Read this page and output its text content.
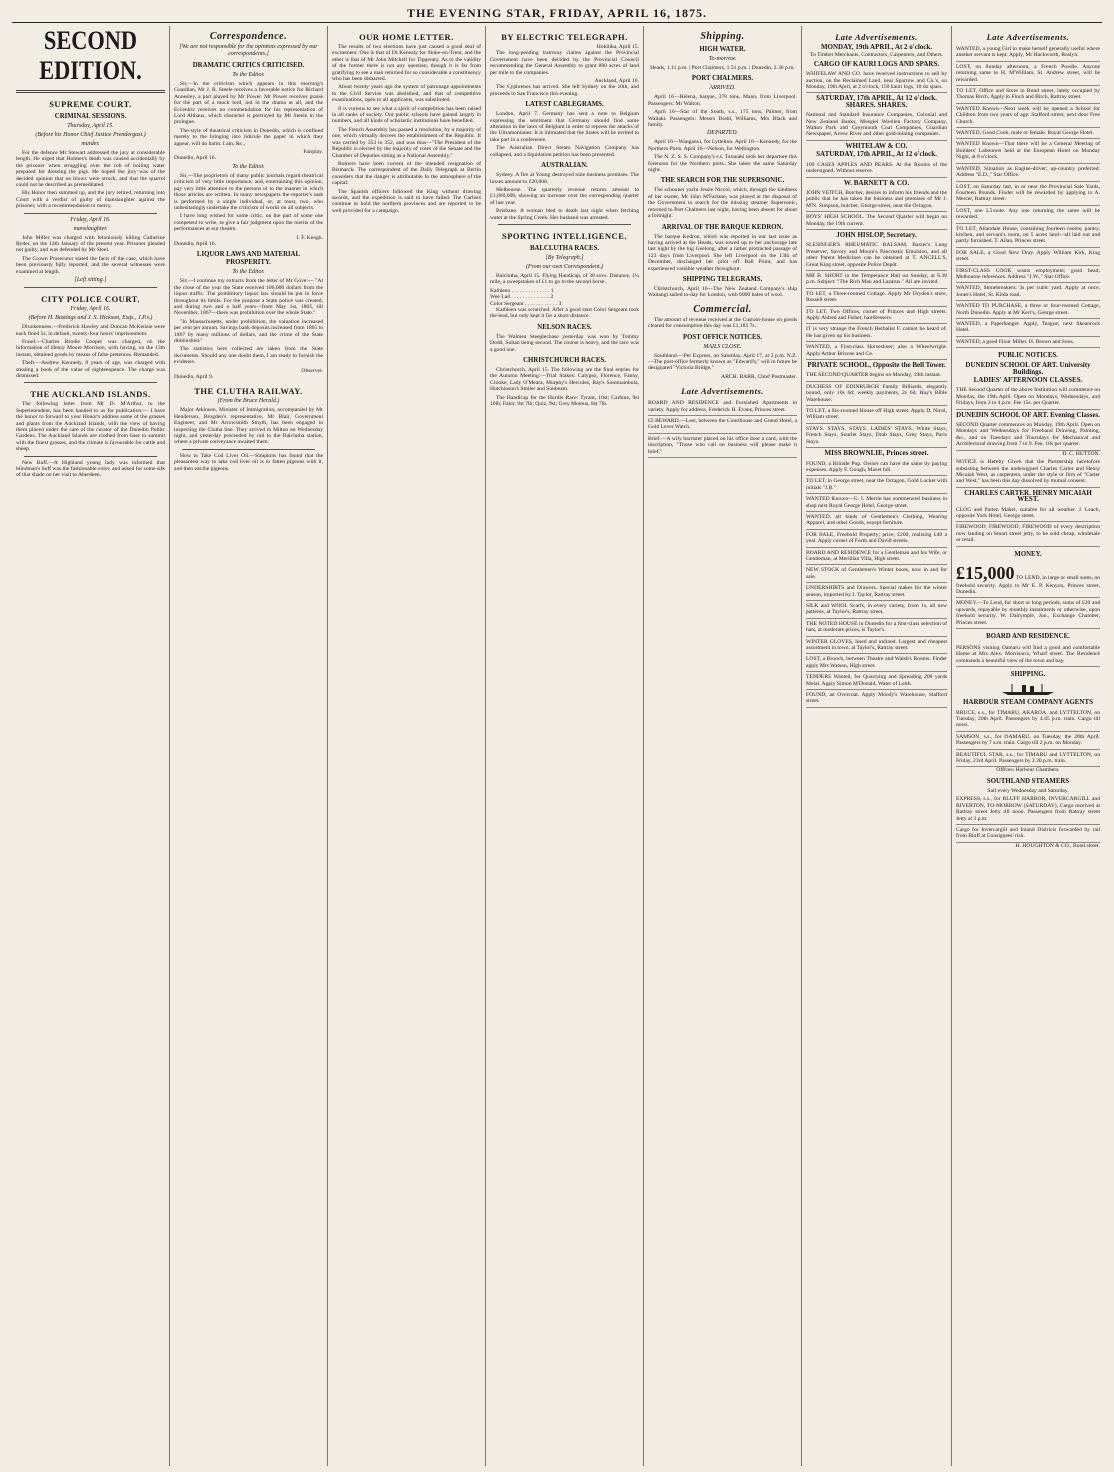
THE EVENING STAR, FRIDAY, APRIL 16, 1875.
SECOND EDITION.
SUPREME COURT.
CRIMINAL SESSIONS.
Thursday, April 15.
(Before his Honor Chief Justice Prendergast.)
murder.

For the defence Mr Stewart addressed the jury at considerable length. He urged that Holmes's death was caused accidentally by the prisoner when struggling over the rob of boiling water prepared for dressing the pigs. He hoped the jury was of the decided opinion that no blows were struck, and that the quarrel could not be described as premeditated.

His Honor then summed up, and the jury retired, returning into Court with a verdict of guilty of manslaughter against the prisoner, with a recommendation to mercy.

Friday, April 16.
manslaughter.

John Miller was charged with feloniously killing Catherine Ryder, on the 14th January of the present year. Prisoner pleaded not guilty, and was defended by Mr Steel.

The Crown Prosecutor stated the facts of the case, which have been previously fully reported, and the several witnesses were examined at length.

[Left sitting.]
CITY POLICE COURT.
Friday, April 16.
(Before H. Bastings and J. S. Hickson, Esqs., J.P.s.)

Drunkenness.—Frederick Hawley and Duncan McKenzie were each fined 5s, in default, twenty-four hours' imprisonment.

Fraud.—Charles Brodie Cooper was charged, on the information of Henry Moore Morrison, with having, on the 13th instant, obtained goods by means of false pretences. Remanded.

Theft.—Andrew Kennedy, 8 years of age, was charged with stealing a book of the value of eighteenpence. The charge was dismissed.

THE AUCKLAND ISLANDS.

The following letter from Mr D. M'Arthur, to the Superintendent, has been handed to us for publication:— I have the honor to forward to your Honor's address some of the grasses and plants from the Auckland Islands, with the view of having them placed under the care of the curator of the Dunedin Public Gardens. The Auckland Islands are clothed from base to summit with the finest grasses, and the climate is favourable for cattle and sheep.

New Buff.—A Highland young lady was informed that blindman's buff was the fashionable color, and asked for some silk of that shade on her visit to Aberdeen.

Correspondence.
[We are not responsible for the opinions expressed by our correspondents.]
DRAMATIC CRITICS CRITICISED.
To the Editor.

Sir,—In the criticism which appears in this morning's Guardian, Mr J. R. Steele receives a favorable notice for Richard Annesley, a part played by Mr Power. Mr Power receives praise for the part of a mock lord, not in the drama at all, and the Eccentric receives no commendation for his representation of Lord Althaus, which character is portrayed by Mr Steele in the prologue.

The style of theatrical criticism in Dunedin, which is confined merely to the bringing into ridicule the paper in which they appear, will do harm. I am, &c.,

Fairplay.
Dunedin, April 16.
To the Editor.

Sir,—The proprietors of many public journals regard theatrical criticism of very little importance; and, entertaining this opinion, pay very little attention to the persons or to the manner in which those articles are written. In many newspapers the reporter's task is performed by a single individual, or, at most, two, who unhesitatingly undertake the criticism of works on all subjects.

I have long wished for some critic, on the part of some one competent to write, to give a fair judgment upon the merits of the performances at our theatre.

I. F. Keogh.
Dunedin, April 16.
LIQUOR LAWS AND MATERIAL PROSPERITY.
To the Editor.

Sir,—I continue my extracts from the letter of Mr Gove:— "At the close of the year the State received 106,000 dollars from the liquor traffic. The prohibitory liquor law should be put in force throughout its limits. For the purpose a State police was created, and during two and a half years—from May 1st, 1865, till November, 1867—there was prohibition over the whole State."

"In Massachusetts, under prohibition, the valuation increased per cent per annum. Savings bank deposits increased from 1865 to 1867 by many millions of dollars, and the crime of the State diminished."

The statistics here collected are taken from the State documents. Should any one doubt them, I am ready to furnish the evidence.

Observer.
Dunedin, April 9.
THE CLUTHA RAILWAY.
(From the Bruce Herald.)

Major Atkinson, Minister of Immigration, accompanied by Mr Henderson, Brogden's representative, Mr Blair, Government Engineer, and Mr Arrowsmith Smyth, has been engaged in inspecting the Clutha line. They arrived in Milton on Wednesday night, and yesterday proceeded by rail to the Balclutha station, where a private conveyance awaited them.

How to Take Cod Liver Oil.—Simpkins has found that the pleasantest way to take cod liver oil is to fatten pigeons with it, and then eat the pigeons.

OUR HOME LETTER.

The results of two elections have just caused a good deal of excitement. One is that of Dr Kenealy for Stoke-on-Trent, and the other is that of Mr John Mitchell for Tipperary. As to the validity of the former there is not any question, though it is far from gratifying to see a man returned for so considerable a constituency who has been disbarred.

About twenty years ago the system of patronage appointments to the Civil Service was abolished, and that of competitive examinations, open to all applicants, was substituted.

It is curious to see what a spirit of competition has been raised in all ranks of society. Our public schools have gained largely in numbers, and all kinds of scholastic institutions have benefited.

The French Assembly has passed a resolution, by a majority of one, which virtually decrees the establishment of the Republic. It was carried by 353 to 352, and was thus—"The President of the Republic is elected by the majority of votes of the Senate and the Chamber of Deputies sitting as a National Assembly."

Rumors have been current of the intended resignation of Bismarck. The correspondent of the Daily Telegraph at Berlin considers that the danger is attributable to the atmosphere of the capital.

The Spanish officers followed the King without drawing swords, and the expedition is said to have failed. The Carlists continue to hold the northern provinces and are reported to be well provided for a campaign.

BY ELECTRIC TELEGRAPH.
Hokitika, April 15.

The long-pending tramway claims against the Provincial Government have been decided by the Provincial Council recommending the General Assembly to grant 800 acres of land per mile to the companies.

Auckland, April 16.

The Cyphrenes has arrived. She left Sydney on the 10th, and proceeds to San Francisco this evening.

LATEST CABLEGRAMS.

London, April 7. Germany has sent a note to Belgium expressing the sentiment that Germany should find some alteration in the laws of Belgium in order to repress the attacks of the Ultramontanes. It is intimated that the States will be invited to take part in a conference.

The Australian Direct Steam Navigation Company has collapsed, and a liquidation petition has been presented.

AUSTRALIAN.

Sydney. A fire at Young destroyed nine business premises. The losses amount to £20,000.

Melbourne. The quarterly revenue returns amount to £1,060,000, showing an increase over the corresponding quarter of last year.

Brisbane. A woman bled to death last night when fetching water at the Spring Creek. Her husband was arrested.

SPORTING INTELLIGENCE.
BALCLUTHA RACES.
[By Telegraph.]
(From our own Correspondent.)

Balclutha, April 15. Flying Handicap, of 30 sovs. Distance, 1¼ mile, a sweepstakes of £1 to go to the second horse.

Kathleen . . . . . . . . . . . . . . 1
Wee Lad . . . . . . . . . . . . . . 2
Color Sergeant . . . . . . . . . . . . 3

Kathleen was scratched. After a good start Color Sergeant took the lead, but only kept it for a short distance.

NELSON RACES.

The Waimea Steeplechase yesterday was won by Tommy Dodd, Sultan being second. The course is heavy, and the race was a good one.

CHRISTCHURCH RACES.

Christchurch, April 15. The following are the final entries for the Autumn Meeting:—Trial Stakes: Calypso, Florence, Fanny, Cronke, Lady O'Meara, Murphy's Hercules, Ray's Sommambula, Hutchinson's Smiler and Sunbeam.

The Handicap for the Hurdle Race: Tyrant, 10st; Carbine, 9st 10lb; Fakir, 9st 7lb; Quiz, 9st; Grey Momus, 8st 7lb.

Shipping.
HIGH WATER.
To-morrow.
Heads, 1.11 p.m. | Port Chalmers, 1.51 p.m. | Dunedin, 2.36 p.m.
PORT CHALMERS.
ARRIVED.

April 16—Helena, barque, 370 tons, Mann, from Liverpool. Passengers: Mr Walton.

April 16—Star of the South, s.s., 175 tons, Palmer, from Waitaki. Passengers: Messrs Dodd, Williams, Mrs Black and family.

DEPARTED.

April 16—Wanganui, for Lyttelton. April 16—Kennedy, for the Northern Ports. April 16—Nelson, for Wellington.

The N. Z. S. S. Company's s.s. Taranaki took her departure this forenoon for the Northern ports. She takes the same Saturday night.

THE SEARCH FOR THE SUPERSONIC.

The schooner yacht Jessie Niccol, which, through the kindness of her owner, Mr John M'Farlane, was placed at the disposal of the Government to search for the missing steamer Supersonic, returned to Port Chalmers last night, having been absent for about a fortnight.

ARRIVAL OF THE BARQUE KEDRON.

The barque Kedron, which was reported in our last issue as having arrived at the Heads, was towed up to her anchorage late last night by the tug Geelong, after a rather protracted passage of 123 days from Liverpool. She left Liverpool on the 13th of December, discharged her pilot off Ball Point, and has experienced variable weather throughout.

SHIPPING TELEGRAMS.

Christchurch, April 16—The New Zealand Company's ship Waitangi sailed to-day for London, with 6000 bales of wool.

Commercial.

The amount of revenue received at the Custom-house on goods cleared for consumption this day was £1,183 7s.

POST OFFICE NOTICES.
MAILS CLOSE.

Southland.—Per Express, on Saturday, April 17, at 2 p.m. N.Z.—The post-office formerly known as "Edward's," will in future be designated "Victoria Bridge."

ARCH. BARR, Chief Postmaster.
Late Advertisements.
BOARD AND RESIDENCE and Furnished Apartments in variety. Apply for address, Frederick H. Evans, Princes street.
£5 REWARD.—Lost, between the Courthouse and Grand Hotel, a Gold Lever Watch.
Brief.—A wily barrister placed on his office door a card, with the inscription, "Those who call on business will please make it brief."
Late Advertisements.
MONDAY, 19th APRIL, At 2 o'clock.
To Timber Merchants, Contractors, Carpenters, and Others.
CARGO OF KAURI LOGS AND SPARS.
WHITELAW AND CO. have received instructions to sell by auction, on the Reclaimed Land, near Sparrow and Co.'s, on Monday, 19th April, at 2 o'clock, 150 kauri logs, 10 do spars.
SATURDAY, 17th APRIL, At 12 o'clock. SHARES. SHARES.
National and Standard Insurance Companies, Colonial and New Zealand Banks, Mosgiel Woollen Factory Company, Walton Park and Greymouth Coal Companies, Guardian Newspaper, Arrow River and other gold-mining companies.
WHITELAW & CO.
SATURDAY, 17th APRIL, At 12 o'clock.
100 CASES APPLES AND PEARS. At the Rooms of the undersigned. Without reserve.
W. BARNETT & CO.
JOHN VEITCH, Butcher, desires to inform his friends and the public that he has taken the business and premises of Mr J. M'N. Simpson, butcher, George street, near the Octagon.
BOYS' HIGH SCHOOL. The Second Quarter will begin on Monday, the 19th current.
JOHN HISLOP, Secretary.
SLESINGER'S RHEUMATIC BALSAM, Baxter's Lung Preserver, Savory and Moore's Pancreatic Emulsion, and all other Patent Medicines can be obtained at T. ANCELL'S, Great King street, opposite Police Depôt.
MR B. SHORT in the Temperance Hall on Sunday, at 6.30 p.m. Subject: "The Rich Man and Lazarus." All are invited.
TO LET, a Three-roomed Cottage. Apply Mr Dryden's store, Russell street.
TO LET, Two Offices, corner of Princes and High streets. Apply Aldred and Fisher, hairdressers.
IT is very strange the French Herbalist F. cannot be heard of. He has given up his business.
WANTED, a First-class Horseshoer; also a Wheelwright. Apply Arthur Briscoe and Co.
PRIVATE SCHOOL, Opposite the Bell Tower.
THE SECOND QUARTER begins on Monday, 19th instant.
DUCHESS OF EDINBURGH Family Billiards, elegantly bound, only 10s 6d; weekly payments, 2s 6d. Hay's Bible Warehouse.
TO LET, a Six-roomed House off High street. Apply D. Nicol, William street.
STAYS. STAYS. STAYS. LADIES' STAYS. White Stays, French Stays, Sourlet Stays, Drab Stays, Grey Stays, Paris Stays.
MISS BROWNLIE, Princes street.
FOUND, a Brindle Pup. Owner can have the same by paying expenses. Apply F. Gough, Macet hill.
TO LET, in George street, near the Octagon, Gold Locket with initials "J.B."
WANTED Known—G. I. Merrie has commenced business in shop next Royal George Hotel, George street.
WANTED, all kinds of Gentlemen's Clothing, Wearing Apparel, and other Goods, except furniture.
FOR SALE, Freehold Property; price, £200, realising £40 a year. Apply corner of Forth and David streets.
BOARD AND RESIDENCE for a Gentleman and his Wife, or Gentleman, at Meridian Villa, High street.
NEW STOCK of Gentlemen's Winter boots, now in and for sale.
UNDERSHIRTS and Drawers. Special makes for the winter season, imported by J. Taylor, Rattray street.
SILK and WOOL Scarfs, in every variety, from 1s, all new patterns, at Taylor's, Rattray street.
THE NOTED HOUSE in Dunedin for a first-class selection of hats, at moderate prices, is Taylor's.
WINTER GLOVES, lined and unlined. Largest and cheapest assortment in town, at Taylor's, Rattray street.
LOST, a Brooch, between Theatre and Walsh's Rooms. Finder apply Mrs Watson, High street.
TENDERS Wanted, for Quarrying and Spreading 200 yards Metal. Apply Simon M'Donald, Water of Leith.
FOUND, an Overcoat. Apply Moody's Warehouse, Stafford street.
Late Advertisements.
WANTED, a young Girl to make herself generally useful where another servant is kept. Apply, Mr Hackworth, Roslyn.
LOST, on Sunday afternoon, a French Poodle. Anyone returning same to H. M'William, St. Andrew street, will be rewarded.
TO LET, Office and Store in Bond street, lately occupied by Thomas Birch. Apply to Finch and Birch, Rattray street.
WANTED Known—Next week will be opened a School for Children from two years of age. Stafford street, next door Free Church.
WANTED, Good Cook, male or female. Royal George Hotel.
WANTED Known—That there will be a General Meeting of Builders' Labourers held at the European Hotel on Monday Night, at 8 o'clock.
WANTED, Situation as Engine-driver; up-country preferred. Address "E.D.," Star Office.
LOST, on Saturday last, in or near the Provincial Sale Yards, Fourteen Pounds. Finder will be rewarded by applying to A. Mercer, Rattray street.
LOST, one L5-note. Any one returning the same will be rewarded.
TO LET, Allandale House, containing fourteen rooms, pantry, kitchen, and servant's room, on 5 acres land—all laid out and partly furnished. T. Allan, Princes street.
FOR SALE, a Good New Dray. Apply William Kirk, King street.
FIRST-CLASS COOK wants employment; good head; Melbourne references. Address "J.W.," Star Office.
WANTED, Stonebreakers; 3s per cubic yard. Apply at once, Jones's Hotel, St. Kilda road.
WANTED TO PURCHASE, a three or four-roomed Cottage, North Dunedin. Apply at Mr Kerr's, George street.
WANTED, a Paperhanger. Apply, Teague, next Skeanrock Hotel.
WANTED, a good Flour Miller. H. Brown and Sons.
PUBLIC NOTICES.
DUNEDIN SCHOOL OF ART. University Buildings.
LADIES' AFTERNOON CLASSES.
THE Second Quarter of the above Institution will commence on Monday, the 19th April. Open on Mondays, Wednesdays, and Fridays, from 2 to 4 p.m. Fee 15s. per Quarter.
DUNEDIN SCHOOL OF ART. Evening Classes.
SECOND Quarter commences on Monday, 19th April. Open on Mondays and Wednesdays for Freehand Drawing, Painting, &c., and on Tuesdays and Thursdays for Mechanical and Architectural drawing from 7 to 9. Fee, 10s per quarter.
D. C. HUTTON.
NOTICE is Hereby Given that the Partnership heretofore subsisting between the undersigned Charles Carter and Henry Micaiah West, as carpenters, under the style or firm of "Carter and West," has been this day dissolved by mutual consent.
CHARLES CARTER. HENRY MICAIAH WEST.
CLOG and Patten Maker, suitable for all weather. J. Leach, opposite York Hotel, George street.
FIREWOOD, FIREWOOD, FIREWOOD of every description now landing on Stuart street jetty, to be sold cheap, wholesale or retail.
MONEY.
£15,000 TO LEND, in large or small sums, on freehold security. Apply to Mr E. P. Kenyon, Princes street, Dunedin.
MONEY.—To Lend, for short or long periods, sums of £20 and upwards, repayable by monthly instalments or otherwise, upon freehold security. W. Dalrymple, Jun., Exchange Chamber, Princes street.
BOARD AND RESIDENCE.
PERSONS visiting Oamaru will find a good and comfortable Home at Mrs Alex. Morrison's, Wharf street. The Residence commands a beautiful view of the town and bay.
SHIPPING.
HARBOUR STEAM COMPANY AGENTS
BRUCE, s.s., for TIMARU, AKAROA, and LYTTELTON, on Tuesday, 20th April. Passengers by 4.45 p.m. train. Cargo till noon.
SAMSON, s.s., for OAMARU, on Tuesday, the 20th April. Passengers by 7 a.m. train. Cargo till 2 p.m. on Monday.
BEAUTIFUL STAR, s.s., for TIMARU and LYTTELTON, on Friday, 23rd April. Passengers by 2.30 p.m. train.
Offices: Harbour Chambers.
SOUTHLAND STEAMERS
Sail every Wednesday and Saturday.
EXPRESS, s.s., for BLUFF HARBOR, INVERCARGILL and RIVERTON, TO-MORROW (SATURDAY), Cargo received at Rattray street Jetty till noon. Passengers from Rattray street Jetty at 3 p.m.
Cargo for Invercargill and Inland Districts forwarded by rail from Bluff at Consignees' risk.
H. HOUGHTON & CO., Bond street.
